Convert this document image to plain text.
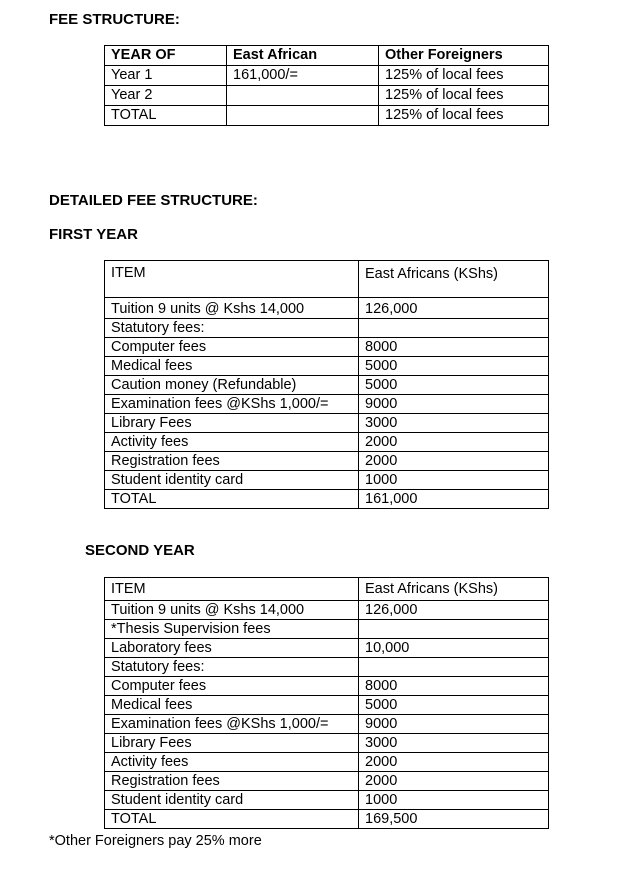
FEE STRUCTURE:
YEAR OF	East African	Other Foreigners
Year 1	161,000/=	125% of local fees
Year 2		125% of local fees
TOTAL		125% of local fees
DETAILED FEE STRUCTURE:
FIRST YEAR
ITEM	East Africans (KShs)
Tuition 9 units @ Kshs 14,000	126,000
Statutory fees:	
Computer fees	8000
Medical fees	5000
Caution money (Refundable)	5000
Examination fees @KShs 1,000/=	9000
Library Fees	3000
Activity fees	2000
Registration fees	2000
Student identity card	1000
TOTAL	161,000
SECOND YEAR
ITEM	East Africans (KShs)
Tuition 9 units @ Kshs 14,000	126,000
*Thesis Supervision fees	
Laboratory fees	10,000
Statutory fees:	
Computer fees	8000
Medical fees	5000
Examination fees @KShs 1,000/=	9000
Library Fees	3000
Activity fees	2000
Registration fees	2000
Student identity card	1000
TOTAL	169,500
*Other Foreigners pay 25% more
